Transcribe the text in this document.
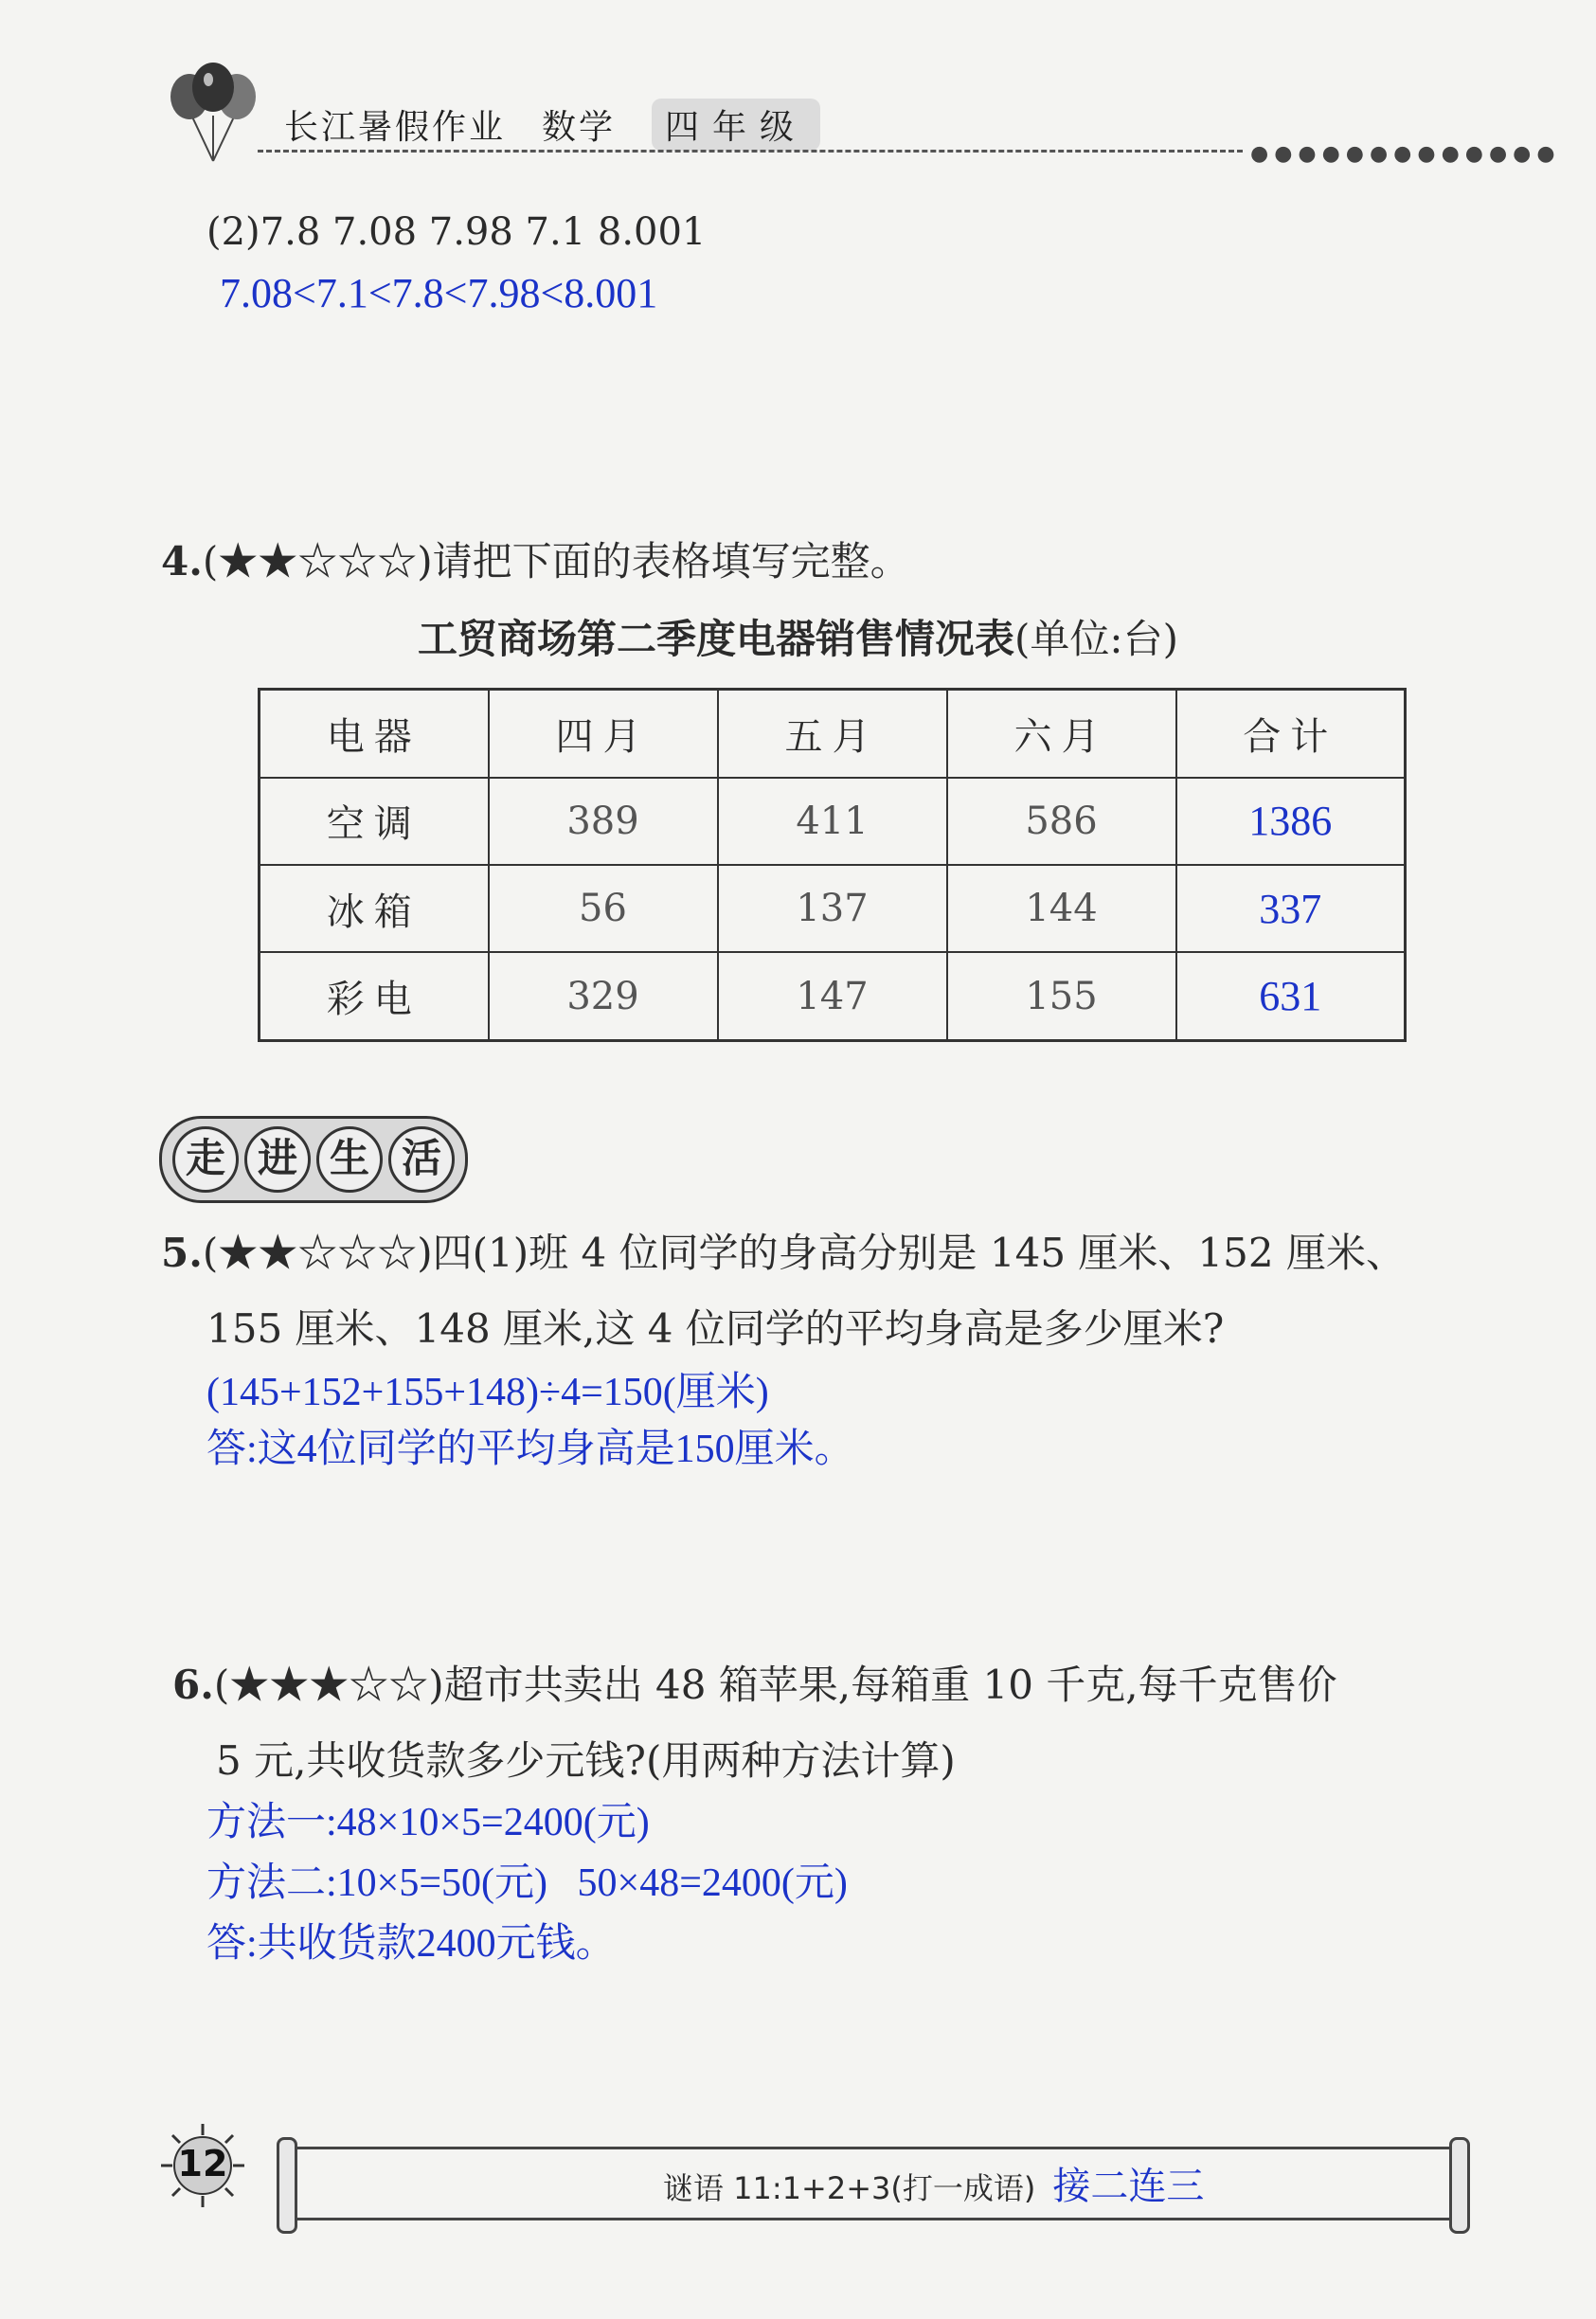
长江暑假作业 数学 四年级
●●●●●●●●●●●●●
(2)7.8 7.08 7.98 7.1 8.001
7.08<7.1<7.8<7.98<8.001
4.(★★☆☆☆)请把下面的表格填写完整。
工贸商场第二季度电器销售情况表(单位:台)
电器	四月	五月	六月	合计
空调	389	411	586	1386
冰箱	56	137	144	337
彩电	329	147	155	631
走 进 生 活
5.(★★☆☆☆)四(1)班 4 位同学的身高分别是 145 厘米、152 厘米、
155 厘米、148 厘米,这 4 位同学的平均身高是多少厘米?
(145+152+155+148)÷4=150(厘米)
答:这4位同学的平均身高是150厘米。
6.(★★★☆☆)超市共卖出 48 箱苹果,每箱重 10 千克,每千克售价
5 元,共收货款多少元钱?(用两种方法计算)
方法一:48×10×5=2400(元)
方法二:10×5=50(元)   50×48=2400(元)
答:共收货款2400元钱。
12
谜语 11:1+2+3(打一成语) 接二连三
